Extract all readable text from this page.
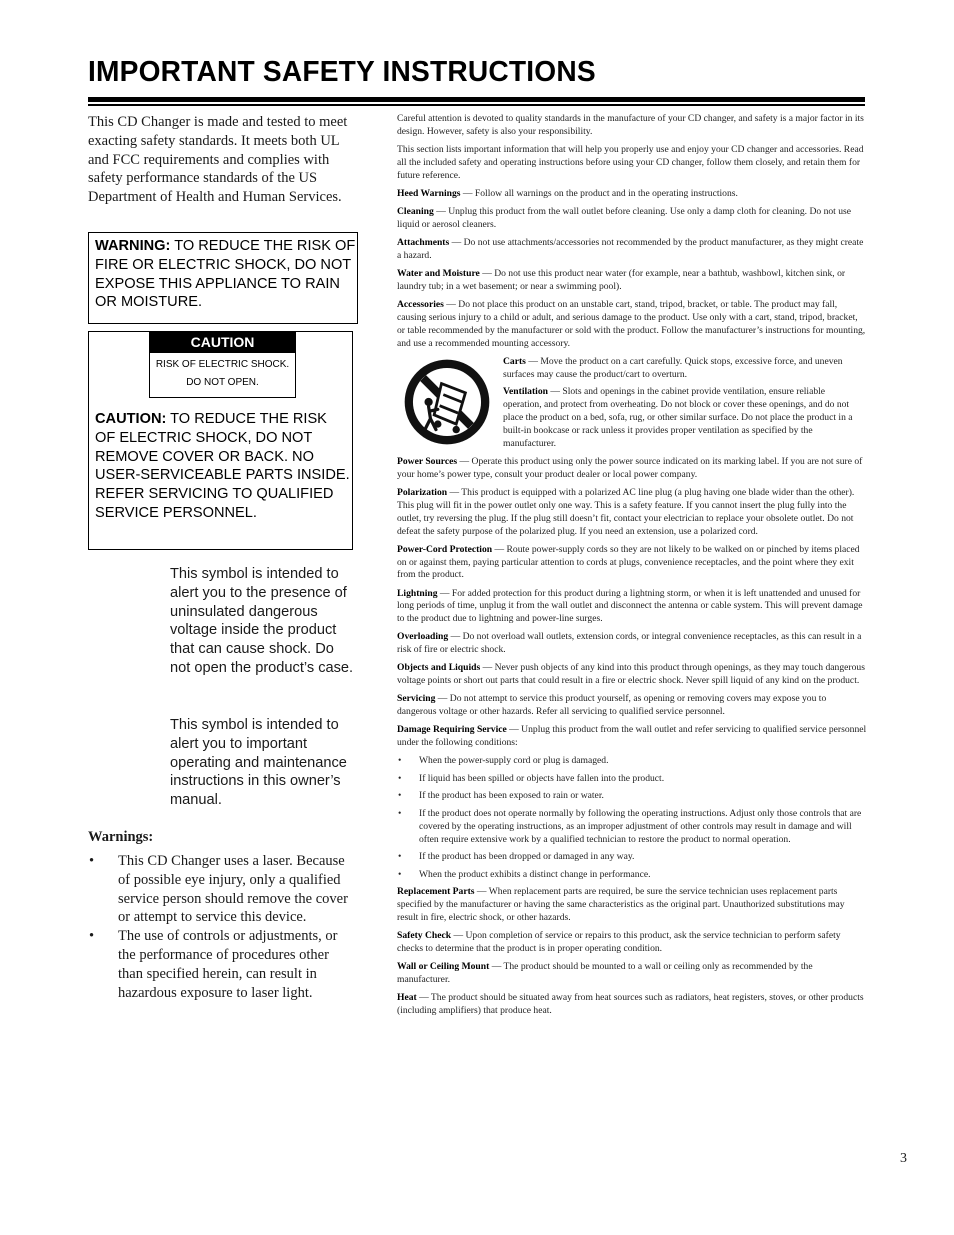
IMPORTANT SAFETY INSTRUCTIONS

This CD Changer is made and tested to meet exacting safety standards. It meets both UL and FCC requirements and complies with safety performance standards of the US Department of Health and Human Services.

WARNING: TO REDUCE THE RISK OF FIRE OR ELECTRIC SHOCK, DO NOT EXPOSE THIS APPLIANCE TO RAIN OR MOISTURE.
CAUTION
RISK OF ELECTRIC SHOCK.
DO NOT OPEN.
CAUTION: TO REDUCE THE RISK OF ELECTRIC SHOCK, DO NOT REMOVE COVER OR BACK. NO USER-SERVICEABLE PARTS INSIDE. REFER SERVICING TO QUALIFIED SERVICE PERSONNEL.

This symbol is intended to alert you to the presence of uninsulated dangerous voltage inside the product that can cause shock. Do not open the product’s case.

This symbol is intended to alert you to important operating and maintenance instructions in this owner’s manual.

Warnings:
• This CD Changer uses a laser. Because of possible eye injury, only a qualified service person should remove the cover or attempt to service this device.
• The use of controls or adjustments, or the performance of procedures other than specified herein, can result in hazardous exposure to laser light.

Careful attention is devoted to quality standards in the manufacture of your CD changer, and safety is a major factor in its design. However, safety is also your responsibility.

This section lists important information that will help you properly use and enjoy your CD changer and accessories. Read all the included safety and operating instructions before using your CD changer, follow them closely, and retain them for future reference.

Heed Warnings — Follow all warnings on the product and in the operating instructions.

Cleaning — Unplug this product from the wall outlet before cleaning. Use only a damp cloth for cleaning. Do not use liquid or aerosol cleaners.

Attachments — Do not use attachments/accessories not recommended by the product manufacturer, as they might create a hazard.

Water and Moisture — Do not use this product near water (for example, near a bathtub, washbowl, kitchen sink, or laundry tub; in a wet basement; or near a swimming pool).

Accessories — Do not place this product on an unstable cart, stand, tripod, bracket, or table. The product may fall, causing serious injury to a child or adult, and serious damage to the product. Use only with a cart, stand, tripod, bracket, or table recommended by the manufacturer or sold with the product. Follow the manufacturer’s instructions for mounting, and use a recommended mounting accessory.

Carts — Move the product on a cart carefully. Quick stops, excessive force, and uneven surfaces may cause the product/cart to overturn.

Ventilation — Slots and openings in the cabinet provide ventilation, ensure reliable operation, and protect from overheating. Do not block or cover these openings, and do not place the product on a bed, sofa, rug, or other similar surface. Do not place the product in a built-in bookcase or rack unless it provides proper ventilation as specified by the manufacturer.

Power Sources — Operate this product using only the power source indicated on its marking label. If you are not sure of your home’s power type, consult your product dealer or local power company.

Polarization — This product is equipped with a polarized AC line plug (a plug having one blade wider than the other). This plug will fit in the power outlet only one way. This is a safety feature. If you cannot insert the plug fully into the outlet, try reversing the plug. If the plug still doesn’t fit, contact your electrician to replace your obsolete outlet. Do not defeat the safety purpose of the polarized plug. If you need an extension, use a polarized cord.

Power-Cord Protection — Route power-supply cords so they are not likely to be walked on or pinched by items placed on or against them, paying particular attention to cords at plugs, convenience receptacles, and the point where they exit from the product.

Lightning — For added protection for this product during a lightning storm, or when it is left unattended and unused for long periods of time, unplug it from the wall outlet and disconnect the antenna or cable system. This will prevent damage to the product due to lightning and power-line surges.

Overloading — Do not overload wall outlets, extension cords, or integral convenience receptacles, as this can result in a risk of fire or electric shock.

Objects and Liquids — Never push objects of any kind into this product through openings, as they may touch dangerous voltage points or short out parts that could result in a fire or electric shock. Never spill liquid of any kind on the product.

Servicing — Do not attempt to service this product yourself, as opening or removing covers may expose you to dangerous voltage or other hazards. Refer all servicing to qualified service personnel.

Damage Requiring Service — Unplug this product from the wall outlet and refer servicing to qualified service personnel under the following conditions:

• When the power-supply cord or plug is damaged.
• If liquid has been spilled or objects have fallen into the product.
• If the product has been exposed to rain or water.
• If the product does not operate normally by following the operating instructions. Adjust only those controls that are covered by the operating instructions, as an improper adjustment of other controls may result in damage and will often require extensive work by a qualified technician to restore the product to normal operation.
• If the product has been dropped or damaged in any way.
• When the product exhibits a distinct change in performance.

Replacement Parts — When replacement parts are required, be sure the service technician uses replacement parts specified by the manufacturer or having the same characteristics as the original part. Unauthorized substitutions may result in fire, electric shock, or other hazards.

Safety Check — Upon completion of service or repairs to this product, ask the service technician to perform safety checks to determine that the product is in proper operating condition.

Wall or Ceiling Mount — The product should be mounted to a wall or ceiling only as recommended by the manufacturer.

Heat — The product should be situated away from heat sources such as radiators, heat registers, stoves, or other products (including amplifiers) that produce heat.

3
